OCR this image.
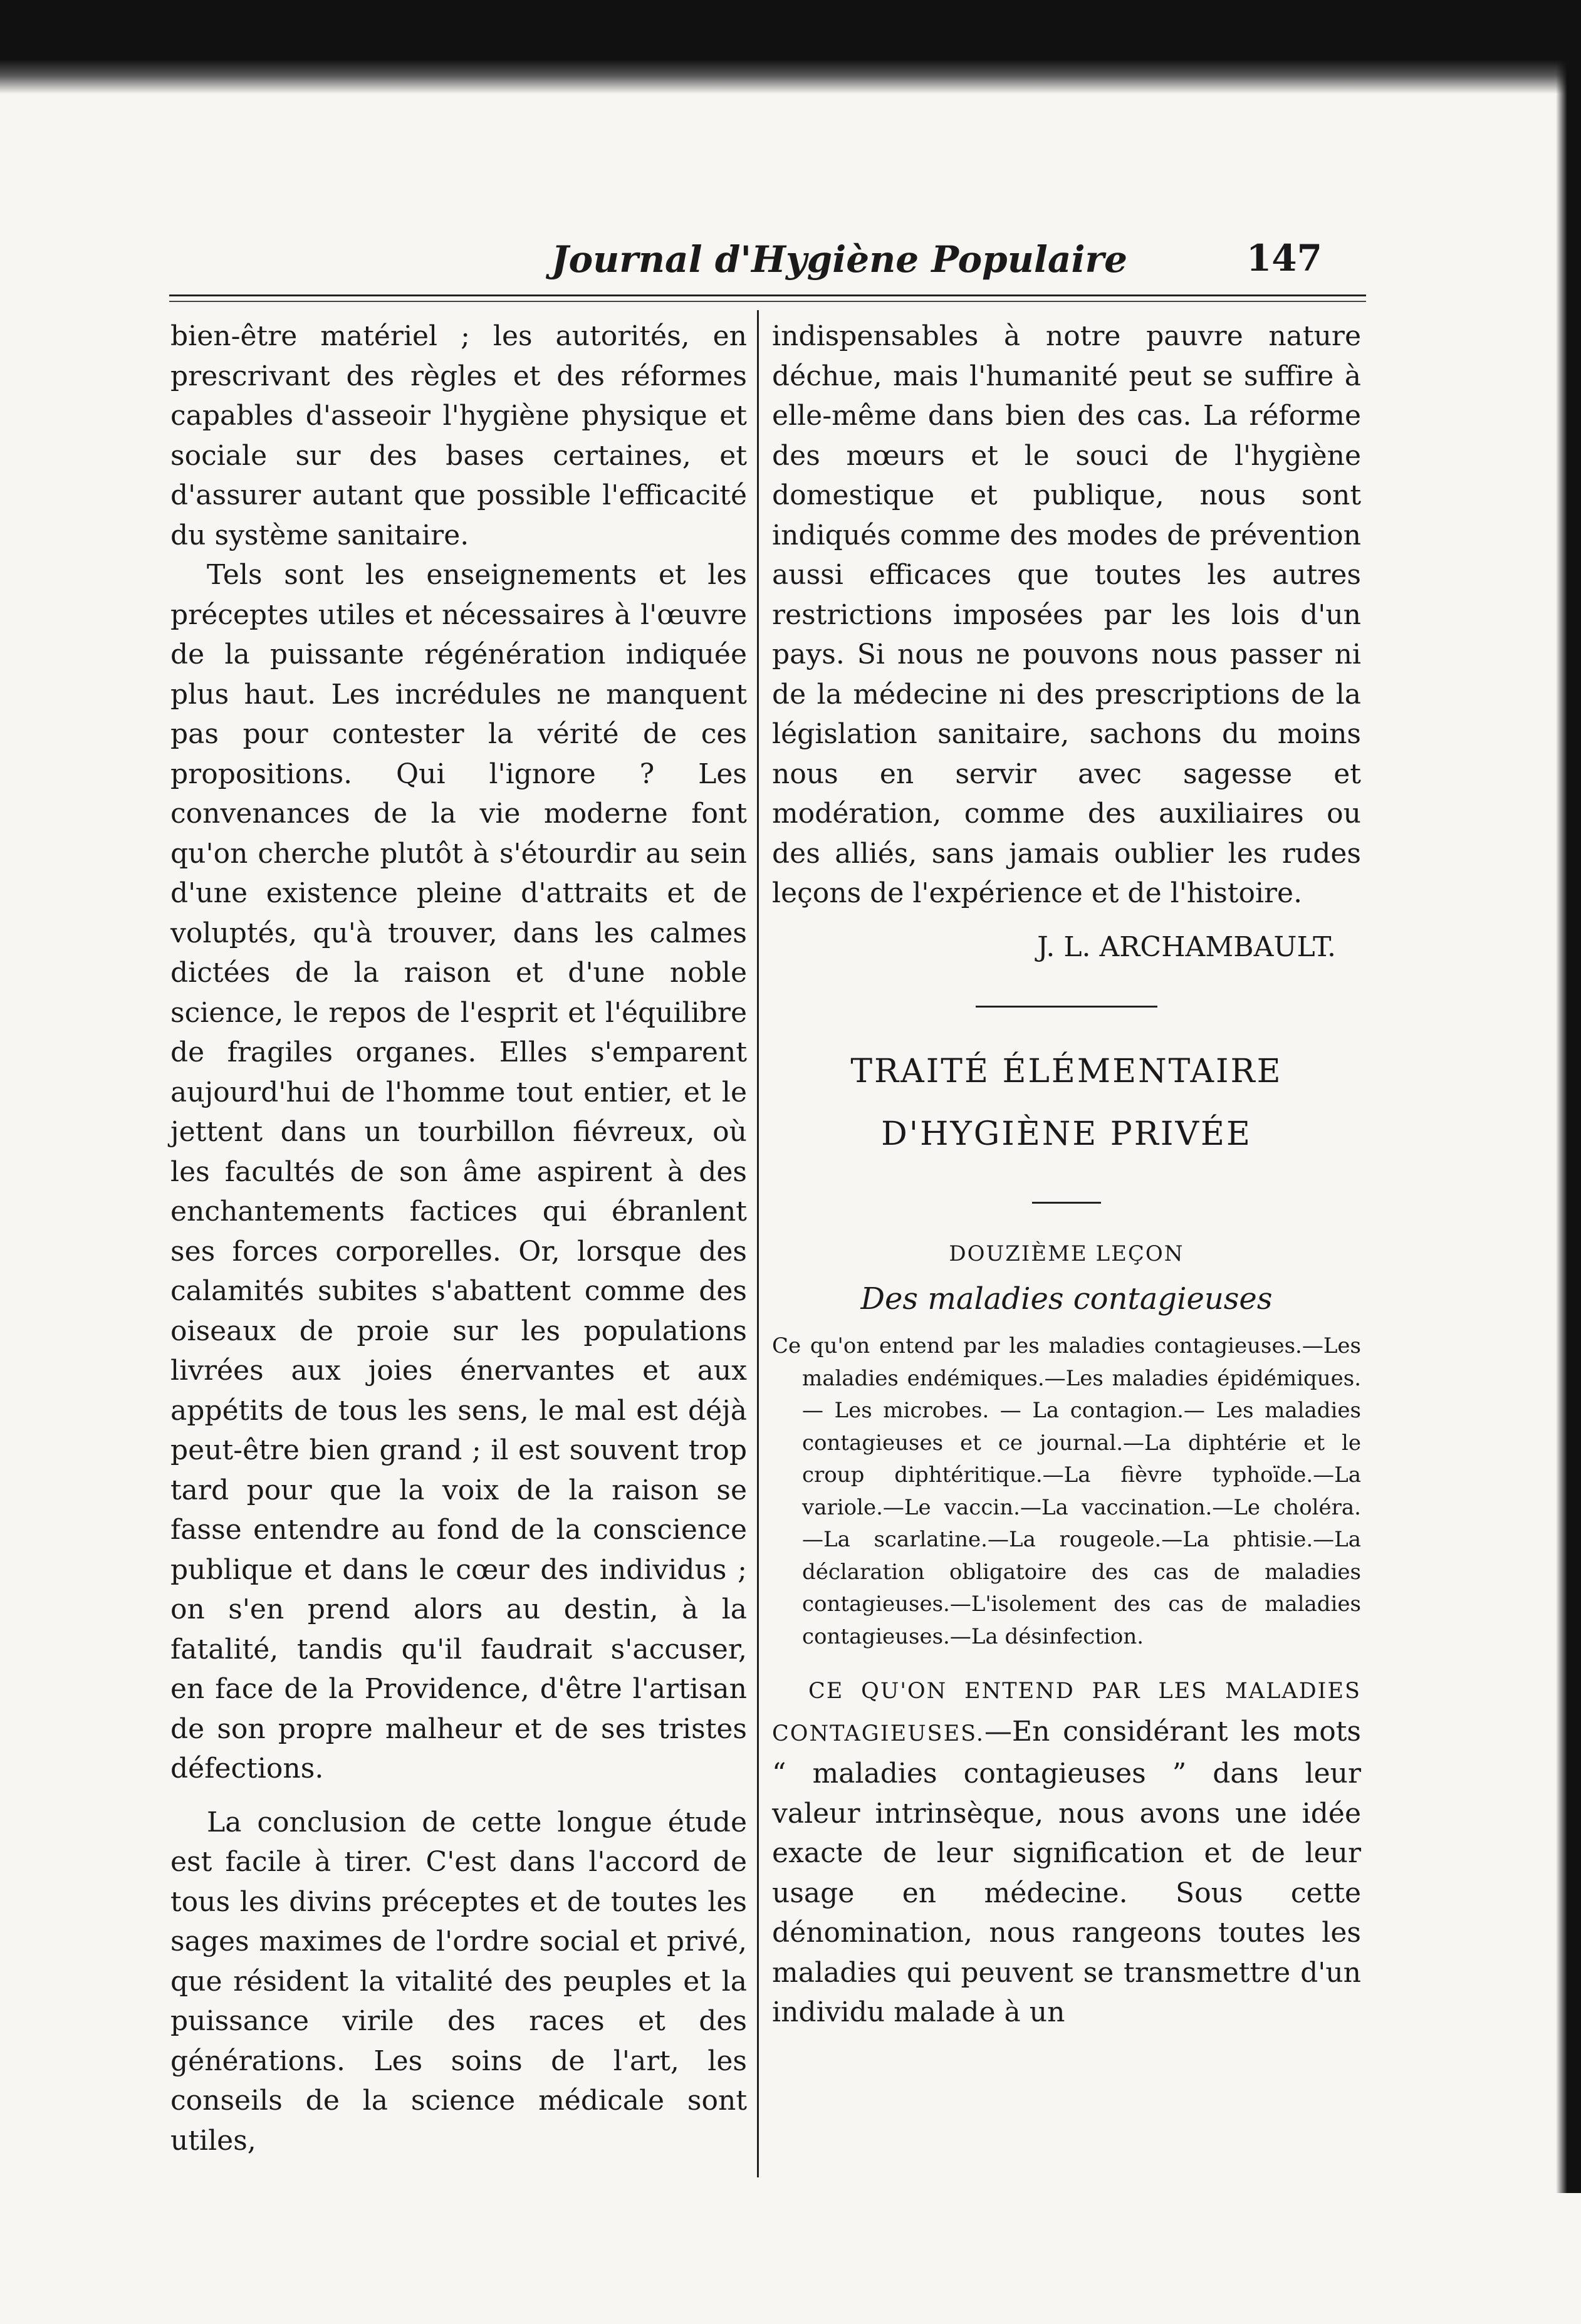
Journal d'Hygiène Populaire	147

bien-être matériel ; les autorités, en prescrivant des règles et des réformes capables d'asseoir l'hygiène physique et sociale sur des bases certaines, et d'assurer autant que possible l'efficacité du système sanitaire.

Tels sont les enseignements et les préceptes utiles et nécessaires à l'œuvre de la puissante régénération indiquée plus haut. Les incrédules ne manquent pas pour contester la vérité de ces propositions. Qui l'ignore ? Les convenances de la vie moderne font qu'on cherche plutôt à s'étourdir au sein d'une existence pleine d'attraits et de voluptés, qu'à trouver, dans les calmes dictées de la raison et d'une noble science, le repos de l'esprit et l'équilibre de fragiles organes. Elles s'emparent aujourd'hui de l'homme tout entier, et le jettent dans un tourbillon fiévreux, où les facultés de son âme aspirent à des enchantements factices qui ébranlent ses forces corporelles. Or, lorsque des calamités subites s'abattent comme des oiseaux de proie sur les populations livrées aux joies énervantes et aux appétits de tous les sens, le mal est déjà peut-être bien grand ; il est souvent trop tard pour que la voix de la raison se fasse entendre au fond de la conscience publique et dans le cœur des individus ; on s'en prend alors au destin, à la fatalité, tandis qu'il faudrait s'accuser, en face de la Providence, d'être l'artisan de son propre malheur et de ses tristes défections.

La conclusion de cette longue étude est facile à tirer. C'est dans l'accord de tous les divins préceptes et de toutes les sages maximes de l'ordre social et privé, que résident la vitalité des peuples et la puissance virile des races et des générations. Les soins de l'art, les conseils de la science médicale sont utiles,

indispensables à notre pauvre nature déchue, mais l'humanité peut se suffire à elle-même dans bien des cas. La réforme des mœurs et le souci de l'hygiène domestique et publique, nous sont indiqués comme des modes de prévention aussi efficaces que toutes les autres restrictions imposées par les lois d'un pays. Si nous ne pouvons nous passer ni de la médecine ni des prescriptions de la législation sanitaire, sachons du moins nous en servir avec sagesse et modération, comme des auxiliaires ou des alliés, sans jamais oublier les rudes leçons de l'expérience et de l'histoire.

J. L. ARCHAMBAULT.

TRAITÉ ÉLÉMENTAIRE

D'HYGIÈNE PRIVÉE

DOUZIÈME LEÇON

Des maladies contagieuses

Ce qu'on entend par les maladies contagieuses.—Les maladies endémiques.—Les maladies épidémiques.— Les microbes. — La contagion.— Les maladies contagieuses et ce journal.—La diphtérie et le croup diphtéritique.—La fièvre typhoïde.—La variole.—Le vaccin.—La vaccination.—Le choléra.—La scarlatine.—La rougeole.—La phtisie.—La déclaration obligatoire des cas de maladies contagieuses.—L'isolement des cas de maladies contagieuses.—La désinfection.

CE QU'ON ENTEND PAR LES MALADIES CONTAGIEUSES.—En considérant les mots “ maladies contagieuses ” dans leur valeur intrinsèque, nous avons une idée exacte de leur signification et de leur usage en médecine. Sous cette dénomination, nous rangeons toutes les maladies qui peuvent se transmettre d'un individu malade à un
